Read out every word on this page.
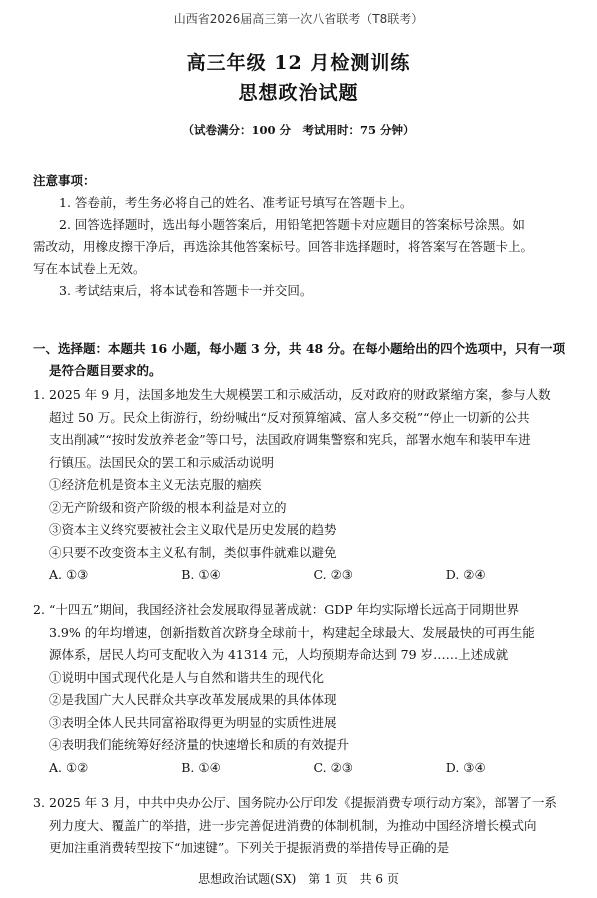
山西省2026届高三第一次八省联考（T8联考）
高三年级 12 月检测训练
思想政治试题
（试卷满分：100 分　考试用时：75 分钟）
注意事项：
1. 答卷前，考生务必将自己的姓名、准考证号填写在答题卡上。
2. 回答选择题时，选出每小题答案后，用铅笔把答题卡对应题目的答案标号涂黑。如
需改动，用橡皮擦干净后，再选涂其他答案标号。回答非选择题时，将答案写在答题卡上。
写在本试卷上无效。
3. 考试结束后，将本试卷和答题卡一并交回。
一、选择题：本题共 16 小题，每小题 3 分，共 48 分。在每小题给出的四个选项中，只有一项
是符合题目要求的。
1. 2025 年 9 月，法国多地发生大规模罢工和示威活动，反对政府的财政紧缩方案，参与人数
超过 50 万。民众上街游行，纷纷喊出“反对预算缩减、富人多交税”“停止一切新的公共
支出削减”“按时发放养老金”等口号，法国政府调集警察和宪兵，部署水炮车和装甲车进
行镇压。法国民众的罢工和示威活动说明
①经济危机是资本主义无法克服的痼疾
②无产阶级和资产阶级的根本利益是对立的
③资本主义终究要被社会主义取代是历史发展的趋势
④只要不改变资本主义私有制，类似事件就难以避免
A. ①③	B. ①④	C. ②③	D. ②④
2. “十四五”期间，我国经济社会发展取得显著成就：GDP 年均实际增长远高于同期世界
3.9% 的年均增速，创新指数首次跻身全球前十，构建起全球最大、发展最快的可再生能
源体系，居民人均可支配收入为 41314 元，人均预期寿命达到 79 岁……上述成就
①说明中国式现代化是人与自然和谐共生的现代化
②是我国广大人民群众共享改革发展成果的具体体现
③表明全体人民共同富裕取得更为明显的实质性进展
④表明我们能统筹好经济量的快速增长和质的有效提升
A. ①②	B. ①④	C. ②③	D. ③④
3. 2025 年 3 月，中共中央办公厅、国务院办公厅印发《提振消费专项行动方案》，部署了一系
列力度大、覆盖广的举措，进一步完善促进消费的体制机制，为推动中国经济增长模式向
更加注重消费转型按下“加速键”。下列关于提振消费的举措传导正确的是
思想政治试题(SX)　第 1 页　共 6 页
